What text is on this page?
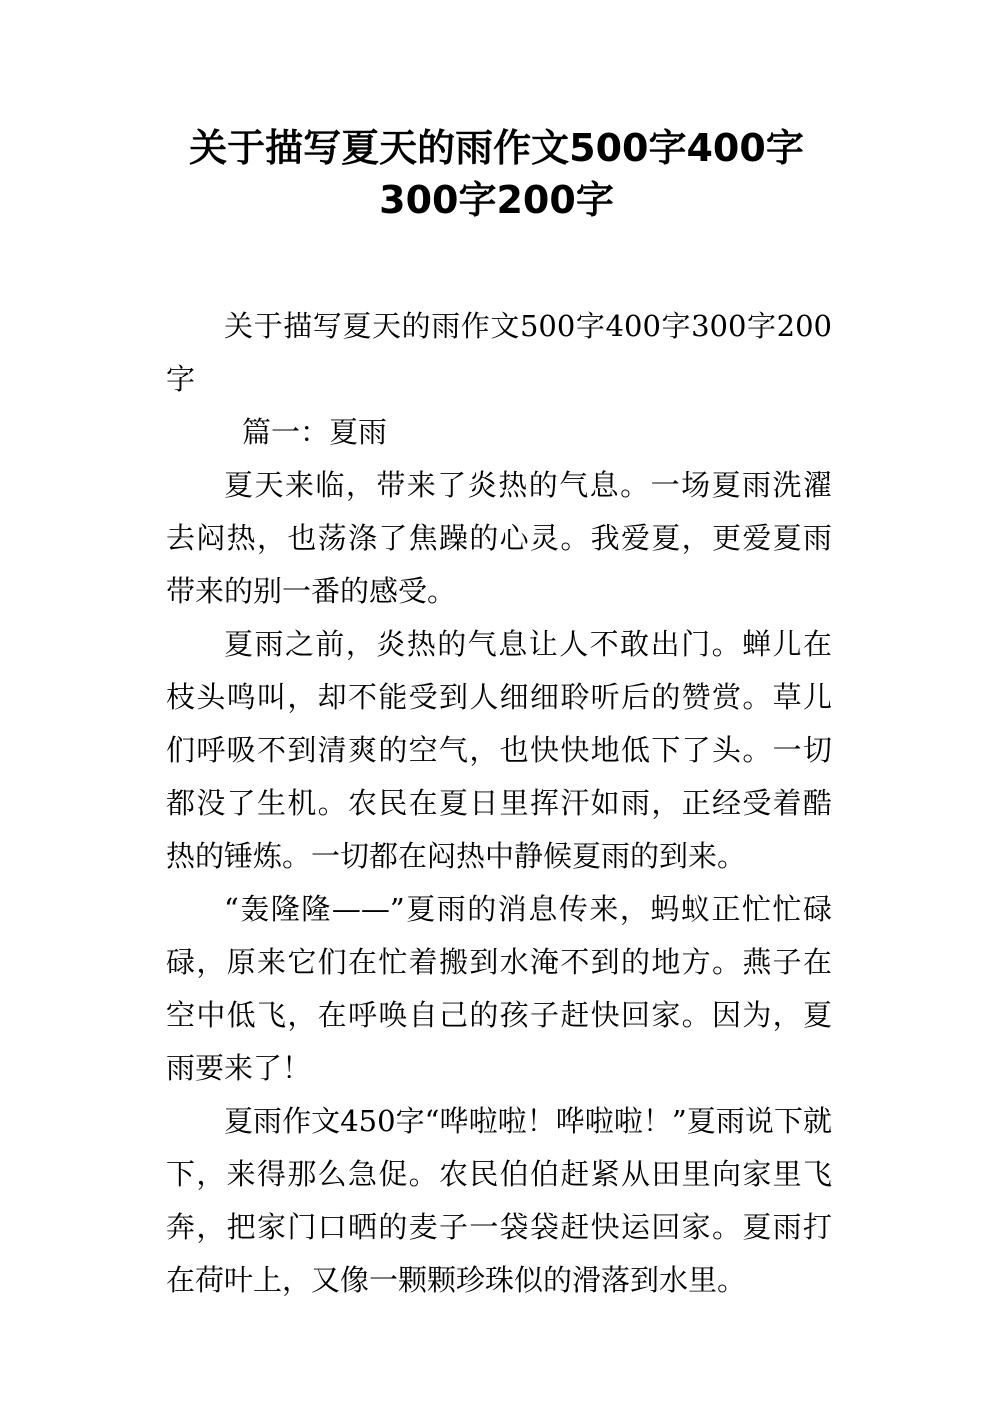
关于描写夏天的雨作文500字400字
300字200字

关于描写夏天的雨作文500字400字300字200字

篇一：夏雨

夏天来临，带来了炎热的气息。一场夏雨洗濯去闷热，也荡涤了焦躁的心灵。我爱夏，更爱夏雨带来的别一番的感受。

夏雨之前，炎热的气息让人不敢出门。蝉儿在枝头鸣叫，却不能受到人细细聆听后的赞赏。草儿们呼吸不到清爽的空气，也快快地低下了头。一切都没了生机。农民在夏日里挥汗如雨，正经受着酷热的锤炼。一切都在闷热中静候夏雨的到来。

“轰隆隆——”夏雨的消息传来，蚂蚁正忙忙碌碌，原来它们在忙着搬到水淹不到的地方。燕子在空中低飞，在呼唤自己的孩子赶快回家。因为，夏雨要来了！

夏雨作文450字“哗啦啦！哗啦啦！”夏雨说下就下，来得那么急促。农民伯伯赶紧从田里向家里飞奔，把家门口晒的麦子一袋袋赶快运回家。夏雨打在荷叶上，又像一颗颗珍珠似的滑落到水里。
